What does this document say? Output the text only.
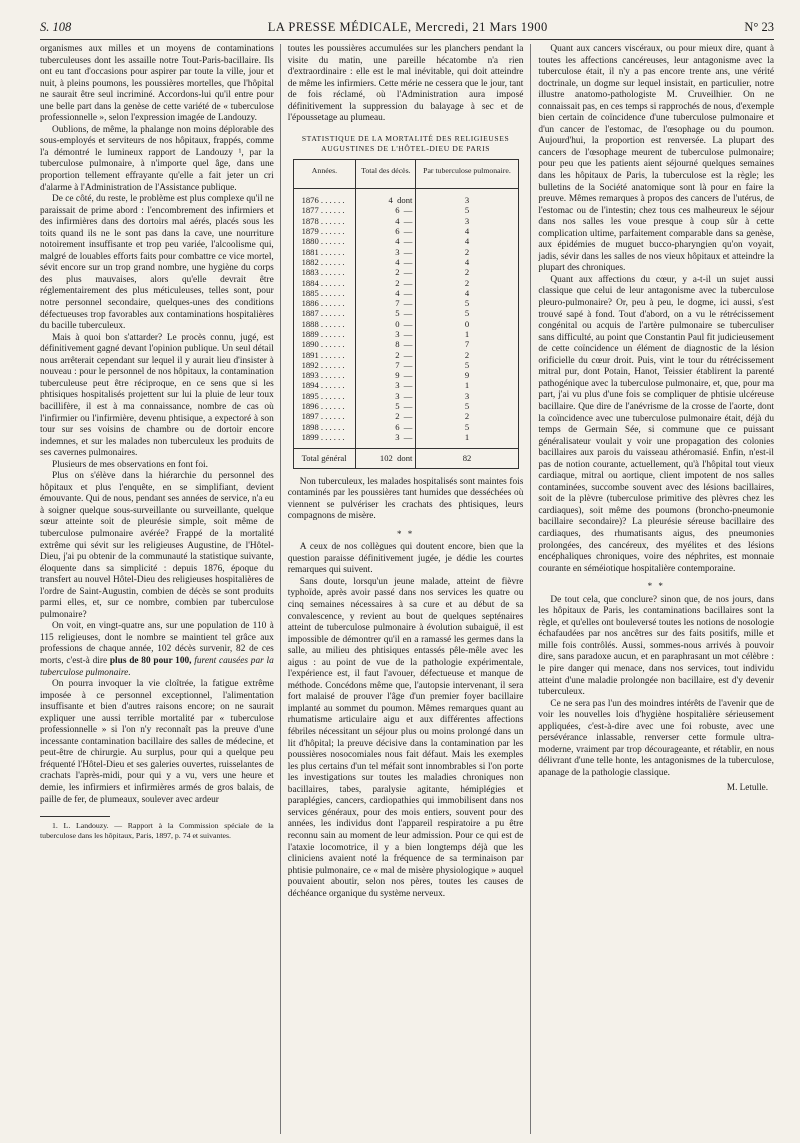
S. 108	LA PRESSE MÉDICALE, Mercredi, 21 Mars 1900	N° 23

organismes aux milles et un moyens de contaminations tuberculeuses dont les assaille notre Tout-Paris-bacillaire. Ils ont eu tant d'occasions pour aspirer par toute la ville, jour et nuit, à pleins poumons, les poussières mortelles, que l'hôpital ne saurait être seul incriminé. Accordons-lui qu'il entre pour une belle part dans la genèse de cette variété de « tuberculose professionnelle », selon l'expression imagée de Landouzy.

Oublions, de même, la phalange non moins déplorable des sous-employés et serviteurs de nos hôpitaux, frappés, comme l'a démontré le lumineux rapport de Landouzy ¹, par la tuberculose pulmonaire, à n'importe quel âge, dans une proportion tellement effrayante qu'elle a fait jeter un cri d'alarme à l'Administration de l'Assistance publique.

De ce côté, du reste, le problème est plus complexe qu'il ne paraissait de prime abord : l'encombrement des infirmiers et des infirmières dans des dortoirs mal aérés, placés sous les toits quand ils ne le sont pas dans la cave, une nourriture notoirement insuffisante et trop peu variée, l'alcoolisme qui, malgré de louables efforts faits pour combattre ce vice mortel, sévit encore sur un trop grand nombre, une hygiène du corps des plus mauvaises, alors qu'elle devrait être réglementairement des plus méticuleuses, telles sont, pour notre personnel secondaire, quelques-unes des conditions défectueuses trop favorables aux contaminations hospitalières du bacille tuberculeux.

Mais à quoi bon s'attarder? Le procès connu, jugé, est définitivement gagné devant l'opinion publique. Un seul détail nous arrêterait cependant sur lequel il y aurait lieu d'insister à nouveau : pour le personnel de nos hôpitaux, la contamination tuberculeuse peut être réciproque, en ce sens que si les phtisiques hospitalisés projettent sur lui la pluie de leur toux bacillifère, il est à ma connaissance, nombre de cas où l'infirmier ou l'infirmière, devenu phtisique, a expectoré à son tour sur ses voisins de chambre ou de dortoir encore indemnes, et sur les malades non tuberculeux les produits de ses cavernes pulmonaires.

Plusieurs de mes observations en font foi.

Plus on s'élève dans la hiérarchie du personnel des hôpitaux et plus l'enquête, en se simplifiant, devient émouvante. Qui de nous, pendant ses années de service, n'a eu à soigner quelque sous-surveillante ou surveillante, quelque sœur atteinte soit de pleurésie simple, soit même de tuberculose pulmonaire avérée? Frappé de la mortalité extrême qui sévit sur les religieuses Augustine, de l'Hôtel-Dieu, j'ai pu obtenir de la communauté la statistique suivante, éloquente dans sa simplicité : depuis 1876, époque du transfert au nouvel Hôtel-Dieu des religieuses hospitalières de l'ordre de Saint-Augustin, combien de décès se sont produits parmi elles, et, sur ce nombre, combien par tuberculose pulmonaire?

On voit, en vingt-quatre ans, sur une population de 110 à 115 religieuses, dont le nombre se maintient tel grâce aux professions de chaque année, 102 décès survenir, 82 de ces morts, c'est-à dire plus de 80 pour 100, furent causées par la tuberculose pulmonaire.

On pourra invoquer la vie cloîtrée, la fatigue extrême imposée à ce personnel exceptionnel, l'alimentation insuffisante et bien d'autres raisons encore; on ne saurait expliquer une aussi terrible mortalité par « tuberculose professionnelle » si l'on n'y reconnaît pas la preuve d'une incessante contamination bacillaire des salles de médecine, et peut-être de chirurgie. Au surplus, pour qui a quelque peu fréquenté l'Hôtel-Dieu et ses galeries ouvertes, ruisselantes de crachats l'après-midi, pour qui y a vu, vers une heure et demie, les infirmiers et infirmières armés de gros balais, de paille de fer, de plumeaux, soulever avec ardeur

1. L. Landouzy. — Rapport à la Commission spéciale de la tuberculose dans les hôpitaux, Paris, 1897, p. 74 et suivantes.

toutes les poussières accumulées sur les planchers pendant la visite du matin, une pareille hécatombe n'a rien d'extraordinaire : elle est le mal inévitable, qui doit atteindre de même les infirmiers. Cette mérie ne cessera que le jour, tant de fois réclamé, où l'Administration aura imposé définitivement la suppression du balayage à sec et de l'époussetage au plumeau.

STATISTIQUE DE LA MORTALITÉ DES RELIGIEUSES
AUGUSTINES DE L'HÔTEL-DIEU DE PARIS
Années.	Total des décès.	Par tuberculose pulmonaire.
1876 . . . . . .	4 dont	3
1877 . . . . . .	6 —	5
1878 . . . . . .	4 —	3
1879 . . . . . .	6 —	4
1880 . . . . . .	4 —	4
1881 . . . . . .	3 —	2
1882 . . . . . .	4 —	4
1883 . . . . . .	2 —	2
1884 . . . . . .	2 —	2
1885 . . . . . .	4 —	4
1886 . . . . . .	7 —	5
1887 . . . . . .	5 —	5
1888 . . . . . .	0 —	0
1889 . . . . . .	3 —	1
1890 . . . . . .	8 —	7
1891 . . . . . .	2 —	2
1892 . . . . . .	7 —	5
1893 . . . . . .	9 —	9
1894 . . . . . .	3 —	1
1895 . . . . . .	3 —	3
1896 . . . . . .	5 —	5
1897 . . . . . .	2 —	2
1898 . . . . . .	6 —	5
1899 . . . . . .	3 —	1
Total général	102 dont	82

Non tuberculeux, les malades hospitalisés sont maintes fois contaminés par les poussières tant humides que desséchées où viennent se pulvériser les crachats des phtisiques, leurs compagnons de misère.

* *

A ceux de nos collègues qui doutent encore, bien que la question paraisse définitivement jugée, je dédie les courtes remarques qui suivent.

Sans doute, lorsqu'un jeune malade, atteint de fièvre typhoïde, après avoir passé dans nos services les quatre ou cinq semaines nécessaires à sa cure et au début de sa convalescence, y revient au bout de quelques septénaires atteint de tuberculose pulmonaire à évolution subaiguë, il est impossible de démontrer qu'il en a ramassé les germes dans la salle, au milieu des phtisiques entassés pêle-mêle avec les aigus : au point de vue de la pathologie expérimentale, l'expérience est, il faut l'avouer, défectueuse et manque de méthode. Concédons même que, l'autopsie intervenant, il sera fort malaisé de prouver l'âge d'un premier foyer bacillaire implanté au sommet du poumon. Mêmes remarques quant au rhumatisme articulaire aigu et aux différentes affections fébriles nécessitant un séjour plus ou moins prolongé dans un lit d'hôpital; la preuve décisive dans la contamination par les poussières nosocomiales nous fait défaut. Mais les exemples les plus certains d'un tel méfait sont innombrables si l'on porte les investigations sur toutes les maladies chroniques non bacillaires, tabes, paralysie agitante, hémiplégies et paraplégies, cancers, cardiopathies qui immobilisent dans nos services généraux, pour des mois entiers, souvent pour des années, les individus dont l'appareil respiratoire a pu être reconnu sain au moment de leur admission. Pour ce qui est de l'ataxie locomotrice, il y a bien longtemps déjà que les cliniciens avaient noté la fréquence de sa terminaison par phtisie pulmonaire, ce « mal de misère physiologique » auquel pouvaient aboutir, selon nos pères, toutes les causes de déchéance organique du système nerveux.

Quant aux cancers viscéraux, ou pour mieux dire, quant à toutes les affections cancéreuses, leur antagonisme avec la tuberculose était, il n'y a pas encore trente ans, une vérité doctrinale, un dogme sur lequel insistait, en particulier, notre illustre anatomo-pathologiste M. Cruveilhier. On ne connaissait pas, en ces temps si rapprochés de nous, d'exemple bien certain de coïncidence d'une tuberculose pulmonaire et d'un cancer de l'estomac, de l'œsophage ou du poumon. Aujourd'hui, la proportion est renversée. La plupart des cancers de l'œsophage meurent de tuberculose pulmonaire; pour peu que les patients aient séjourné quelques semaines dans les hôpitaux de Paris, la tuberculose est la règle; les bulletins de la Société anatomique sont là pour en faire la preuve. Mêmes remarques à propos des cancers de l'utérus, de l'estomac ou de l'intestin; chez tous ces malheureux le séjour dans nos salles les voue presque à coup sûr à cette complication ultime, parfaitement comparable dans sa genèse, aux épidémies de muguet bucco-pharyngien qu'on voyait, jadis, sévir dans les salles de nos vieux hôpitaux et atteindre la plupart des chroniques.

Quant aux affections du cœur, y a-t-il un sujet aussi classique que celui de leur antagonisme avec la tuberculose pleuro-pulmonaire? Or, peu à peu, le dogme, ici aussi, s'est trouvé sapé à fond. Tout d'abord, on a vu le rétrécissement congénital ou acquis de l'artère pulmonaire se tuberculiser sans difficulté, au point que Constantin Paul fit judicieusement de cette coïncidence un élément de diagnostic de la lésion orificielle du cœur droit. Puis, vint le tour du rétrécissement mitral pur, dont Potain, Hanot, Teissier établirent la parenté pathogénique avec la tuberculose pulmonaire, et, que, pour ma part, j'ai vu plus d'une fois se compliquer de phtisie ulcéreuse bacillaire. Que dire de l'anévrisme de la crosse de l'aorte, dont la coïncidence avec une tuberculose pulmonaire était, déjà du temps de Germain Sée, si commune que ce puissant généralisateur voulait y voir une propagation des colonies bacillaires aux parois du vaisseau athéromasié. Enfin, n'est-il pas de notion courante, actuellement, qu'à l'hôpital tout vieux cardiaque, mitral ou aortique, client impotent de nos salles contaminées, succombe souvent avec des lésions bacillaires, soit de la plèvre (tuberculose primitive des plèvres chez les cardiaques), soit même des poumons (broncho-pneumonie bacillaire secondaire)? La pleurésie séreuse bacillaire des cardiaques, des rhumatisants aigus, des pneumonies prolongées, des cancéreux, des myélites et des lésions encéphaliques chroniques, voire des néphrites, est monnaie courante en séméiotique hospitalière contemporaine.

* *

De tout cela, que conclure? sinon que, de nos jours, dans les hôpitaux de Paris, les contaminations bacillaires sont la règle, et qu'elles ont bouleversé toutes les notions de nosologie échafaudées par nos ancêtres sur des faits positifs, mille et mille fois contrôlés. Aussi, sommes-nous arrivés à pouvoir dire, sans paradoxe aucun, et en paraphrasant un mot célèbre : le pire danger qui menace, dans nos services, tout individu atteint d'une maladie prolongée non bacillaire, est d'y devenir tuberculeux.

Ce ne sera pas l'un des moindres intérêts de l'avenir que de voir les nouvelles lois d'hygiène hospitalière sérieusement appliquées, c'est-à-dire avec une foi robuste, avec une persévérance inlassable, renverser cette formule ultra-moderne, vraiment par trop décourageante, et rétablir, en nous délivrant d'une telle honte, les antagonismes de la tuberculose, apanage de la pathologie classique.

M. Letulle.
